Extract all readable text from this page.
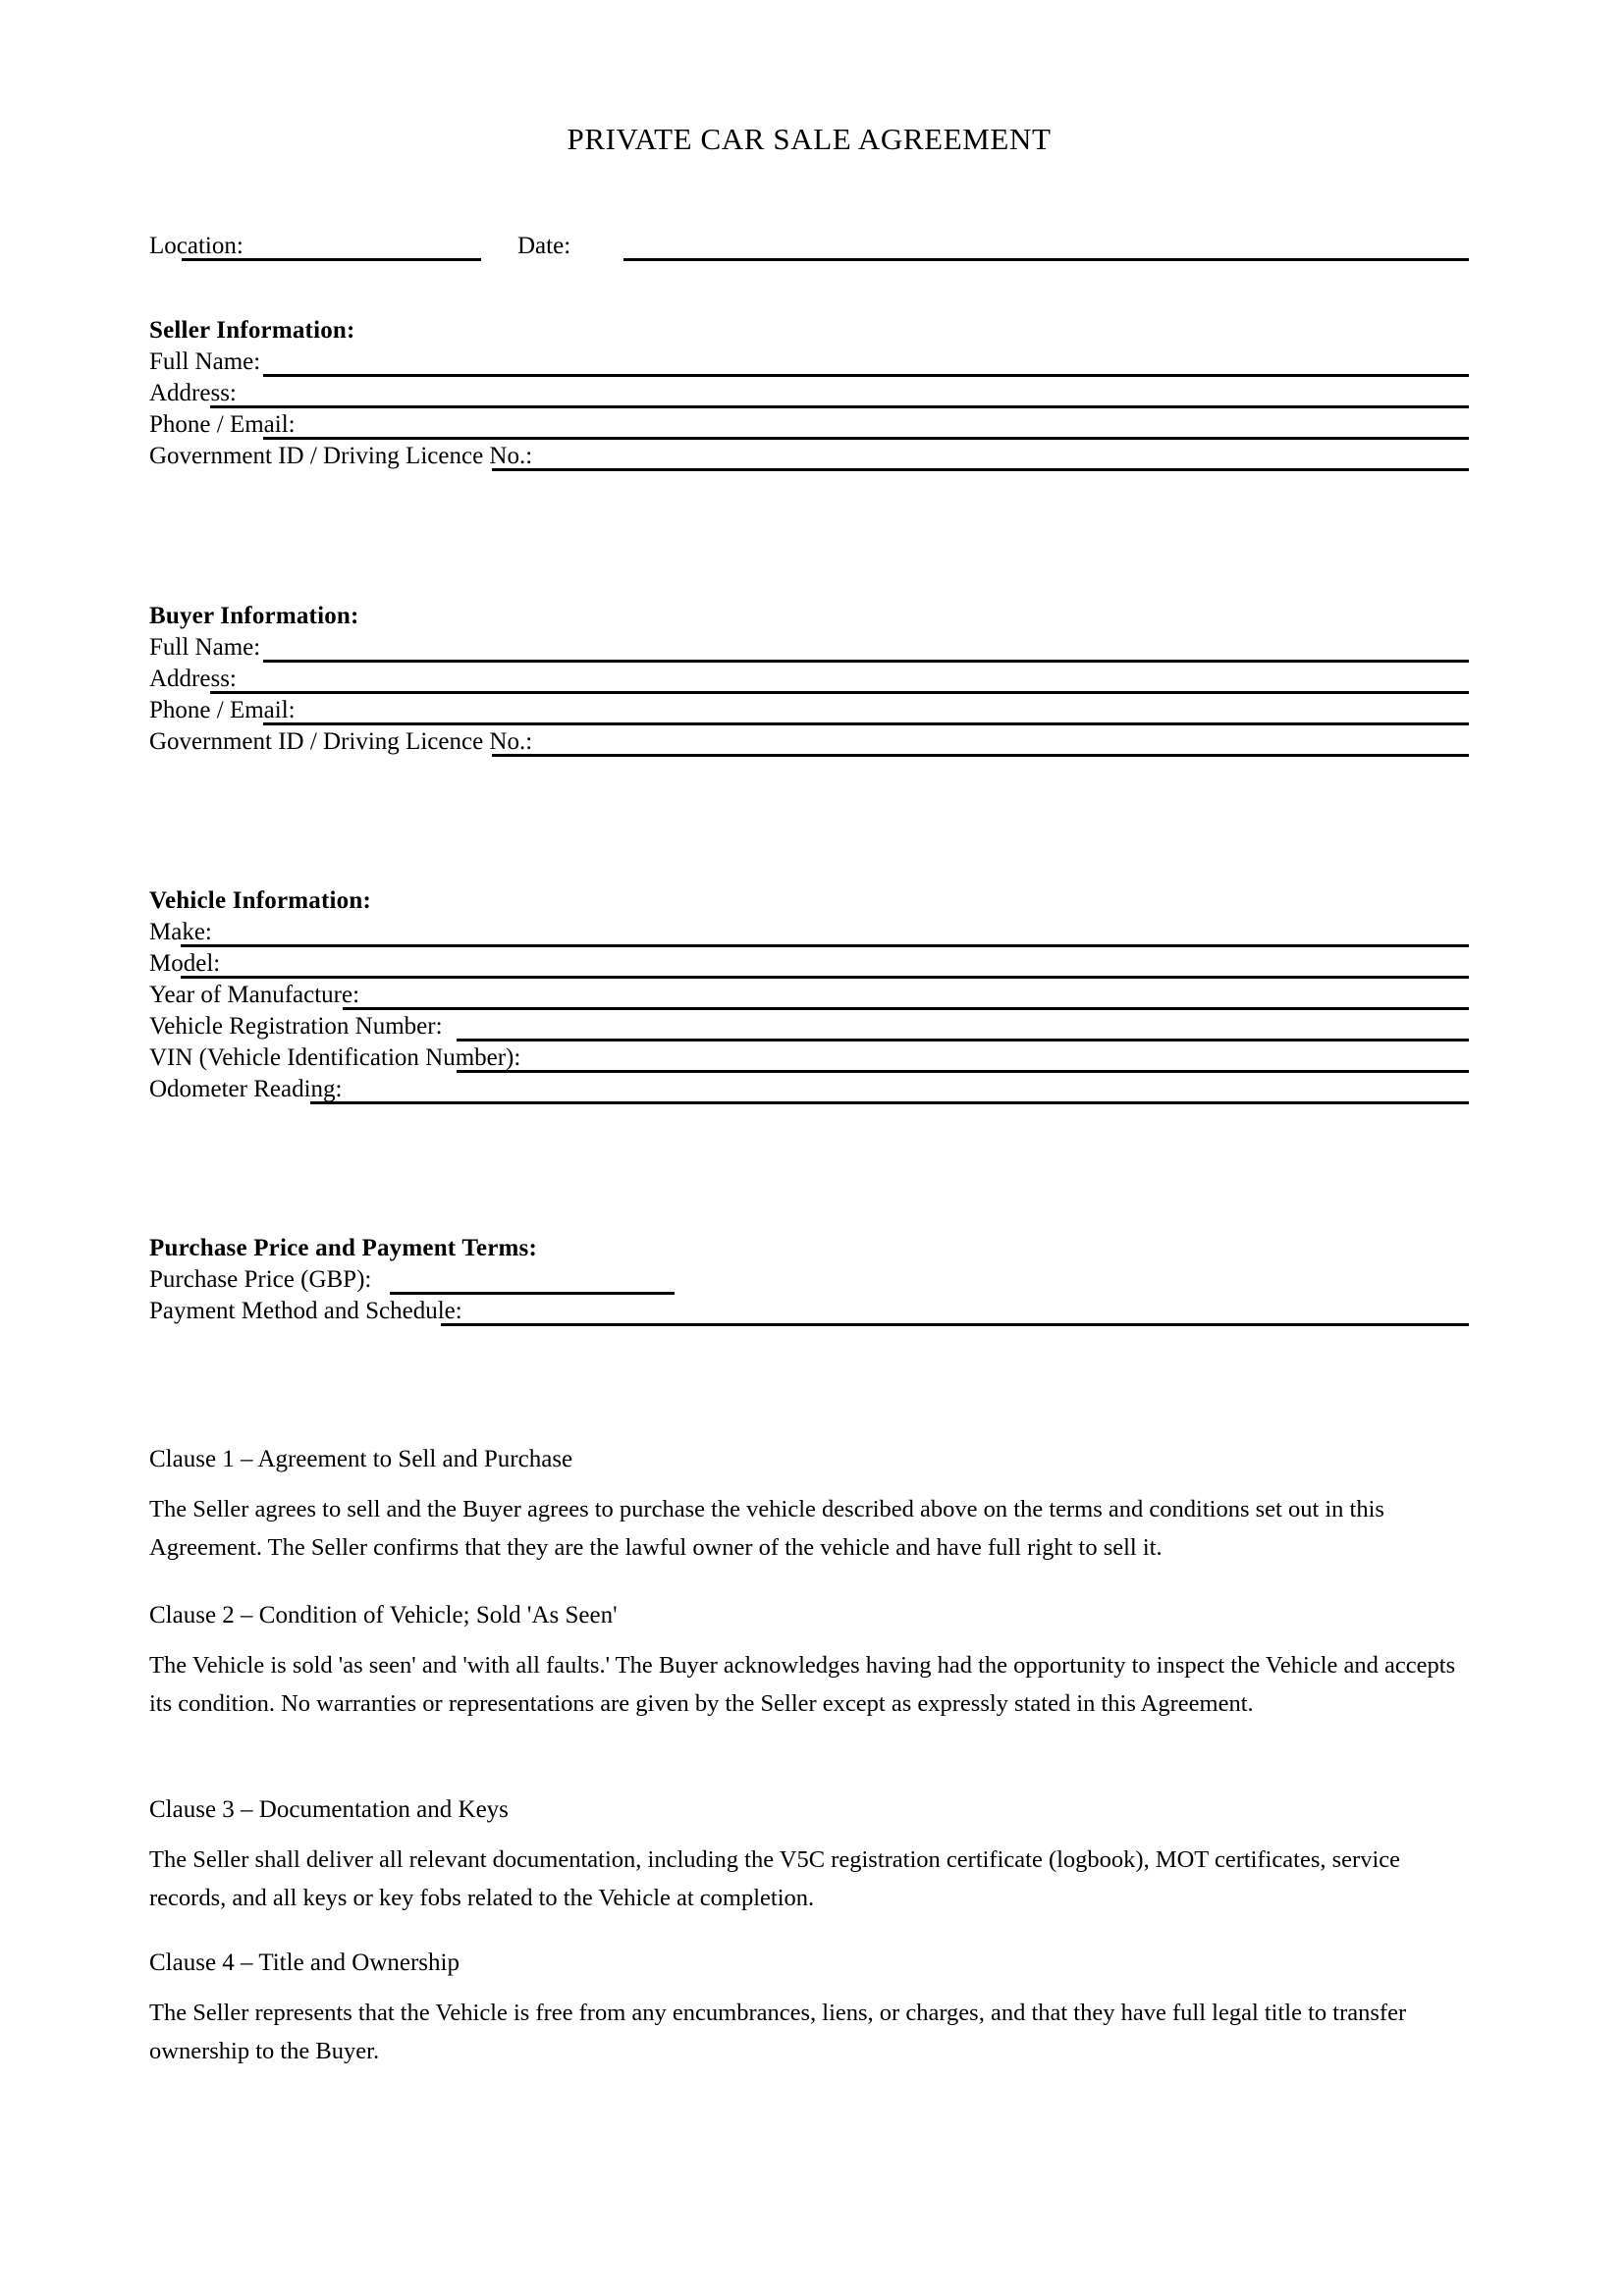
PRIVATE CAR SALE AGREEMENT
Location:	Date:
Seller Information:
Full Name:
Address:
Phone / Email:
Government ID / Driving Licence No.:
Buyer Information:
Full Name:
Address:
Phone / Email:
Government ID / Driving Licence No.:
Vehicle Information:
Make:
Model:
Year of Manufacture:
Vehicle Registration Number:
VIN (Vehicle Identification Number):
Odometer Reading:
Purchase Price and Payment Terms:
Purchase Price (GBP):
Payment Method and Schedule:
Clause 1 – Agreement to Sell and Purchase
The Seller agrees to sell and the Buyer agrees to purchase the vehicle described above on the terms and conditions set out in this Agreement. The Seller confirms that they are the lawful owner of the vehicle and have full right to sell it.
Clause 2 – Condition of Vehicle; Sold 'As Seen'
The Vehicle is sold 'as seen' and 'with all faults.' The Buyer acknowledges having had the opportunity to inspect the Vehicle and accepts its condition. No warranties or representations are given by the Seller except as expressly stated in this Agreement.
Clause 3 – Documentation and Keys
The Seller shall deliver all relevant documentation, including the V5C registration certificate (logbook), MOT certificates, service records, and all keys or key fobs related to the Vehicle at completion.
Clause 4 – Title and Ownership
The Seller represents that the Vehicle is free from any encumbrances, liens, or charges, and that they have full legal title to transfer ownership to the Buyer.
